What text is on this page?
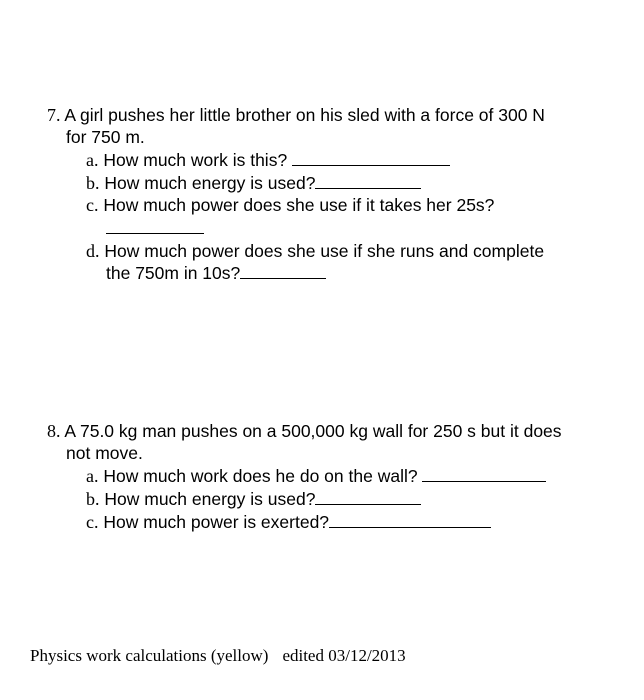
7. A girl pushes her little brother on his sled with a force of 300 N
for 750 m.
a. How much work is this?
b. How much energy is used?
c. How much power does she use if it takes her 25s?
d. How much power does she use if she runs and complete
the 750m in 10s?
8. A 75.0 kg man pushes on a 500,000 kg wall for 250 s but it does
not move.
a. How much work does he do on the wall?
b. How much energy is used?
c. How much power is exerted?
Physics work calculations (yellow) edited 03/12/2013
